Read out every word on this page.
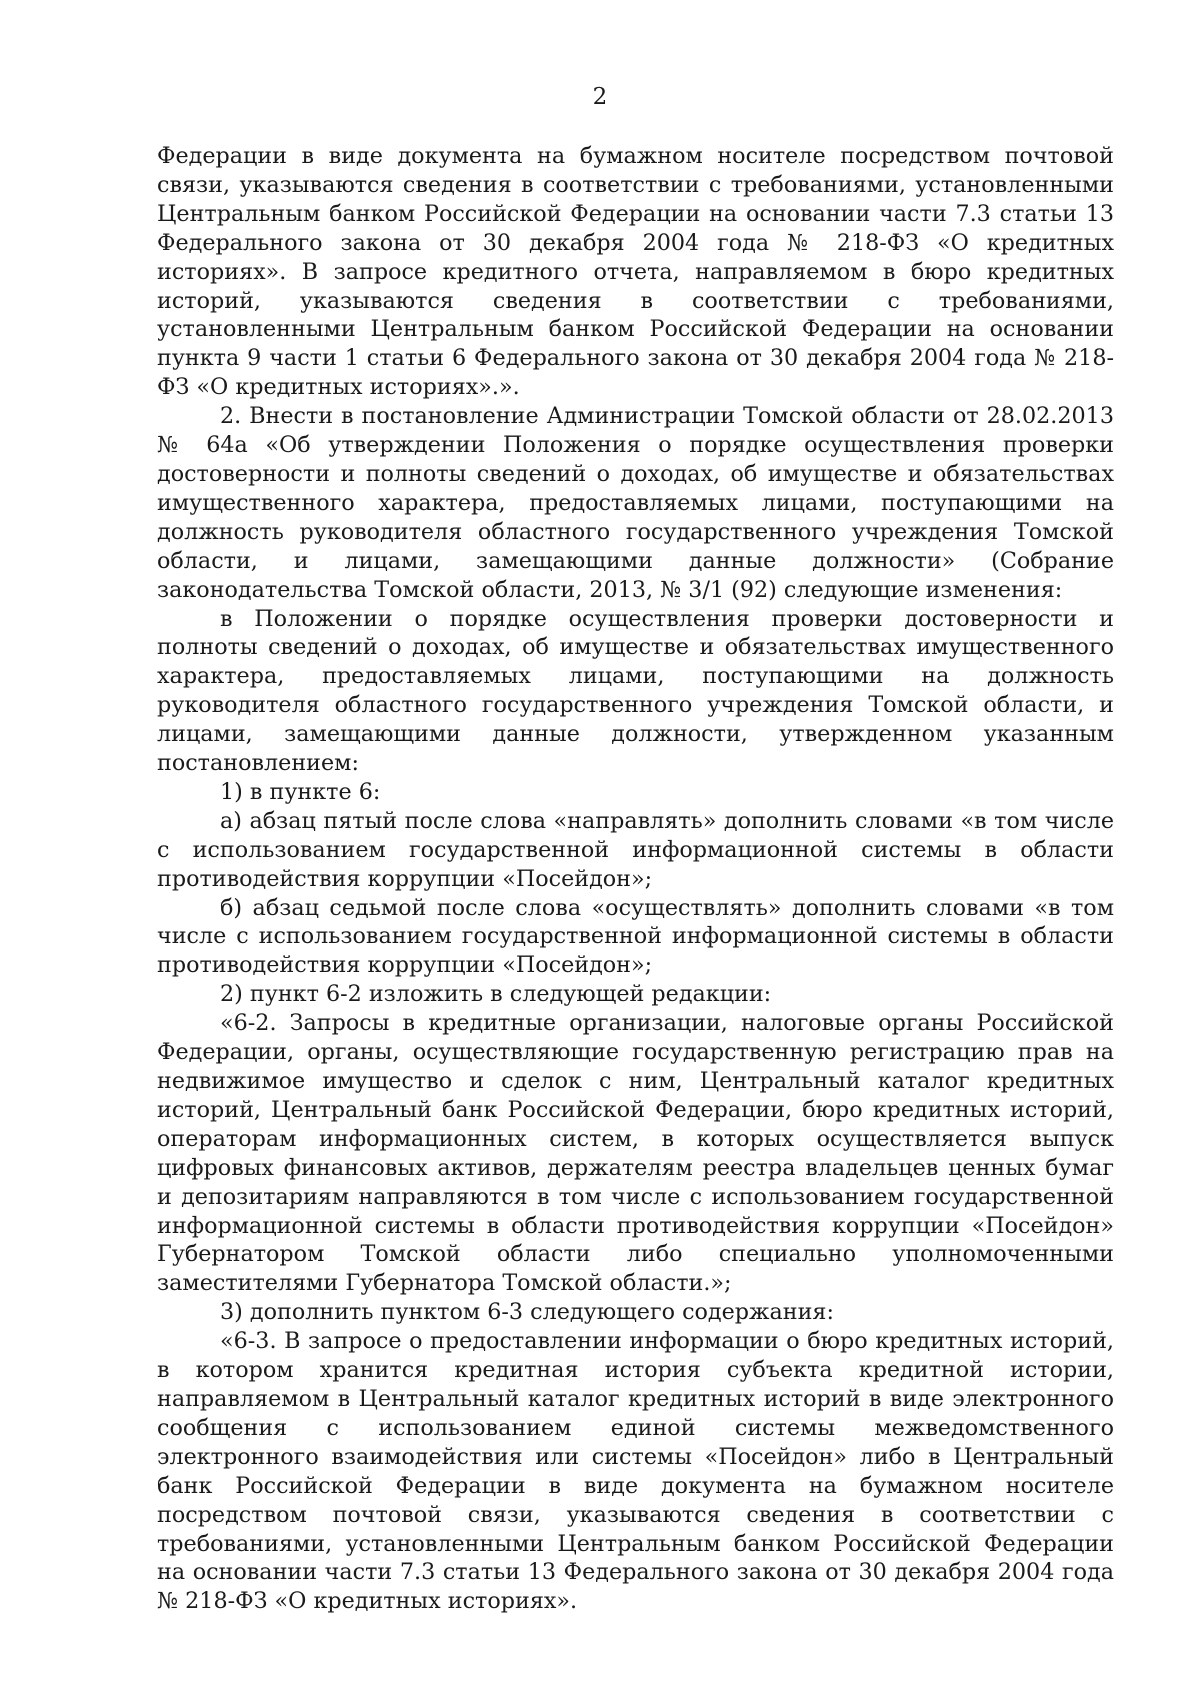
2

Федерации в виде документа на бумажном носителе посредством почтовой связи, указываются сведения в соответствии с требованиями, установленными Центральным банком Российской Федерации на основании части 7.3 статьи 13 Федерального закона от 30 декабря 2004 года № 218-ФЗ «О кредитных историях». В запросе кредитного отчета, направляемом в бюро кредитных историй, указываются сведения в соответствии с требованиями, установленными Центральным банком Российской Федерации на основании пункта 9 части 1 статьи 6 Федерального закона от 30 декабря 2004 года № 218-ФЗ «О кредитных историях».».

2. Внести в постановление Администрации Томской области от 28.02.2013 № 64а «Об утверждении Положения о порядке осуществления проверки достоверности и полноты сведений о доходах, об имуществе и обязательствах имущественного характера, предоставляемых лицами, поступающими на должность руководителя областного государственного учреждения Томской области, и лицами, замещающими данные должности» (Собрание законодательства Томской области, 2013, № 3/1 (92) следующие изменения:

в Положении о порядке осуществления проверки достоверности и полноты сведений о доходах, об имуществе и обязательствах имущественного характера, предоставляемых лицами, поступающими на должность руководителя областного государственного учреждения Томской области, и лицами, замещающими данные должности, утвержденном указанным постановлением:

1) в пункте 6:

а) абзац пятый после слова «направлять» дополнить словами «в том числе с использованием государственной информационной системы в области противодействия коррупции «Посейдон»;

б) абзац седьмой после слова «осуществлять» дополнить словами «в том числе с использованием государственной информационной системы в области противодействия коррупции «Посейдон»;

2) пункт 6-2 изложить в следующей редакции:

«6-2. Запросы в кредитные организации, налоговые органы Российской Федерации, органы, осуществляющие государственную регистрацию прав на недвижимое имущество и сделок с ним, Центральный каталог кредитных историй, Центральный банк Российской Федерации, бюро кредитных историй, операторам информационных систем, в которых осуществляется выпуск цифровых финансовых активов, держателям реестра владельцев ценных бумаг и депозитариям направляются в том числе с использованием государственной информационной системы в области противодействия коррупции «Посейдон» Губернатором Томской области либо специально уполномоченными заместителями Губернатора Томской области.»;

3) дополнить пунктом 6-3 следующего содержания:

«6-3. В запросе о предоставлении информации о бюро кредитных историй, в котором хранится кредитная история субъекта кредитной истории, направляемом в Центральный каталог кредитных историй в виде электронного сообщения с использованием единой системы межведомственного электронного взаимодействия или системы «Посейдон» либо в Центральный банк Российской Федерации в виде документа на бумажном носителе посредством почтовой связи, указываются сведения в соответствии с требованиями, установленными Центральным банком Российской Федерации на основании части 7.3 статьи 13 Федерального закона от 30 декабря 2004 года № 218-ФЗ «О кредитных историях».
